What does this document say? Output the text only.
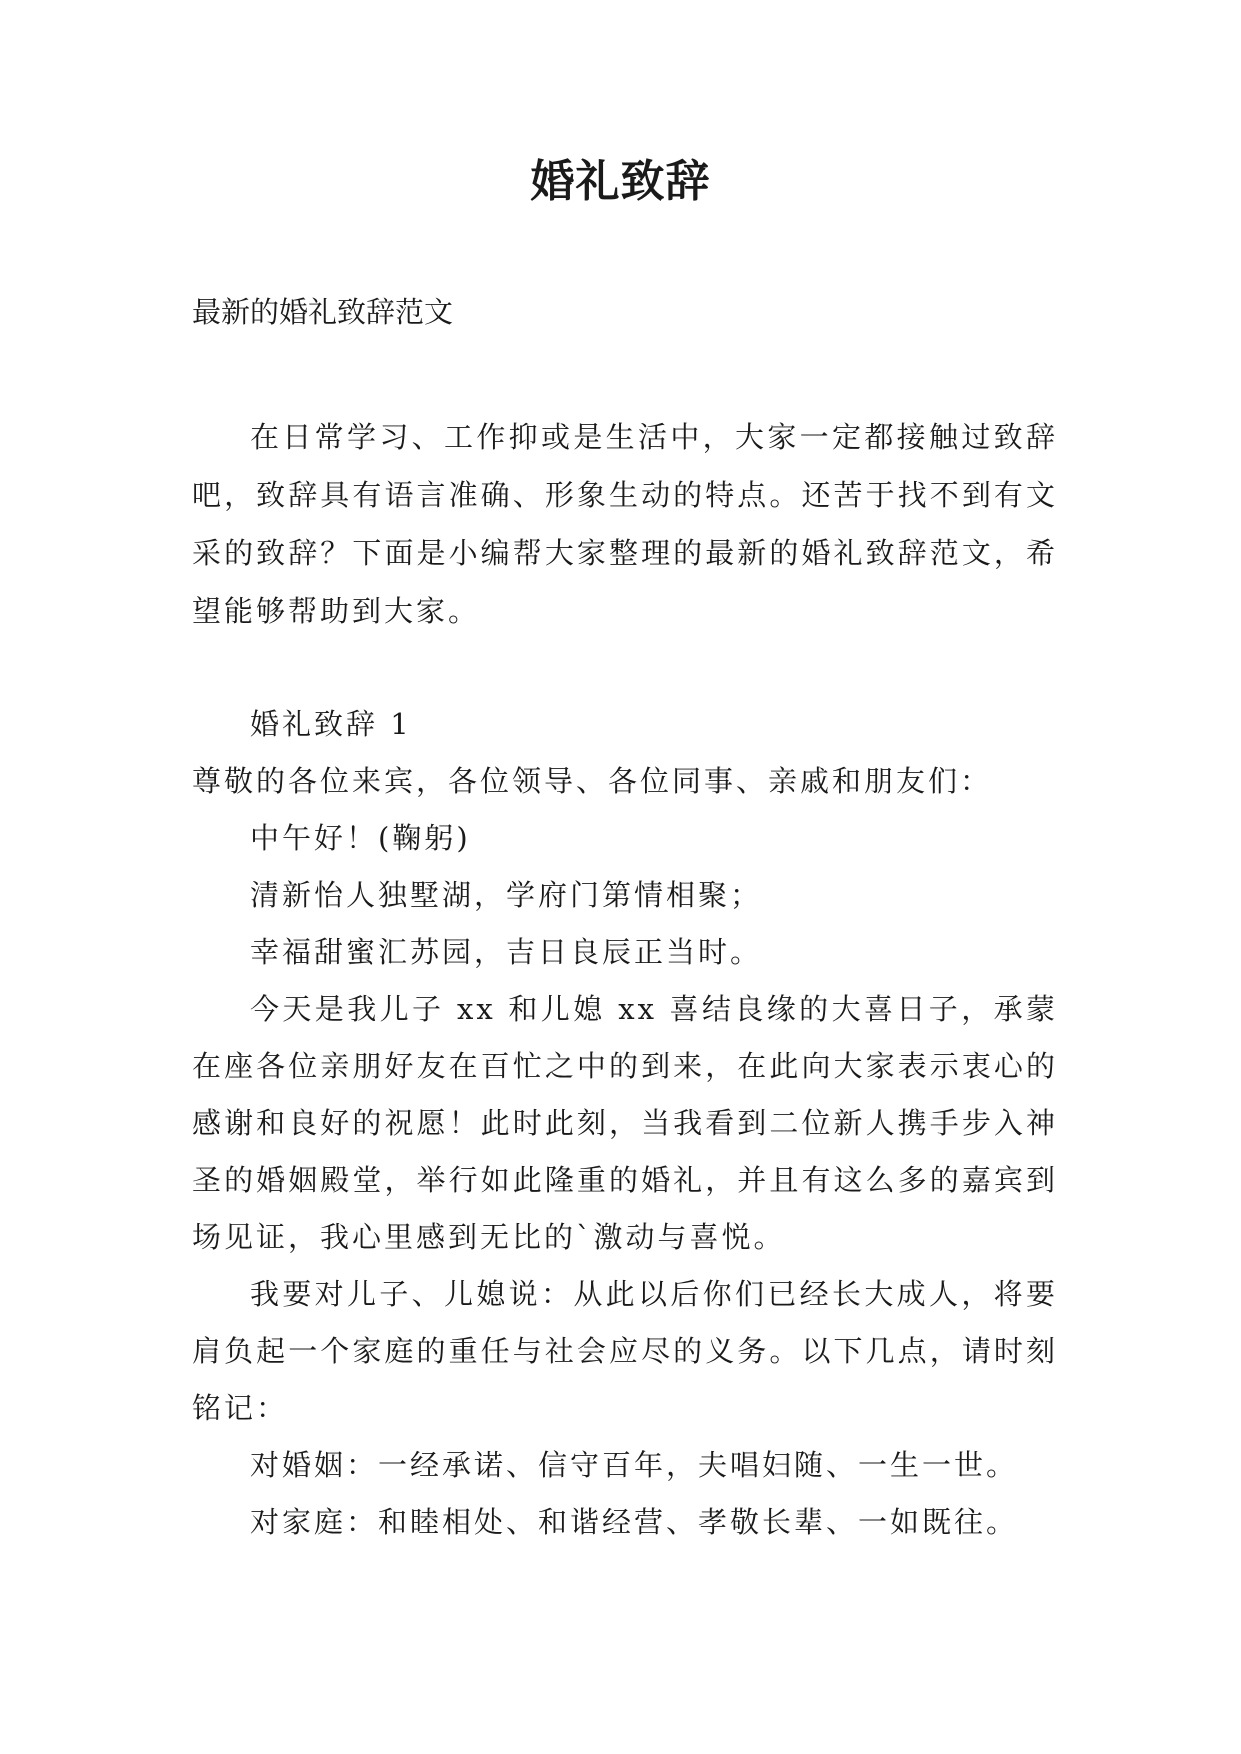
婚礼致辞
最新的婚礼致辞范文

在日常学习、工作抑或是生活中，大家一定都接触过致辞吧，致辞具有语言准确、形象生动的特点。还苦于找不到有文采的致辞？下面是小编帮大家整理的最新的婚礼致辞范文，希望能够帮助到大家。

婚礼致辞 1

尊敬的各位来宾，各位领导、各位同事、亲戚和朋友们：

中午好！(鞠躬)

清新怡人独墅湖，学府门第情相聚；

幸福甜蜜汇苏园，吉日良辰正当时。

今天是我儿子 xx 和儿媳 xx 喜结良缘的大喜日子，承蒙在座各位亲朋好友在百忙之中的到来，在此向大家表示衷心的感谢和良好的祝愿！此时此刻，当我看到二位新人携手步入神圣的婚姻殿堂，举行如此隆重的婚礼，并且有这么多的嘉宾到场见证，我心里感到无比的`激动与喜悦。

我要对儿子、儿媳说：从此以后你们已经长大成人，将要肩负起一个家庭的重任与社会应尽的义务。以下几点，请时刻铭记：

对婚姻：一经承诺、信守百年，夫唱妇随、一生一世。

对家庭：和睦相处、和谐经营、孝敬长辈、一如既往。
